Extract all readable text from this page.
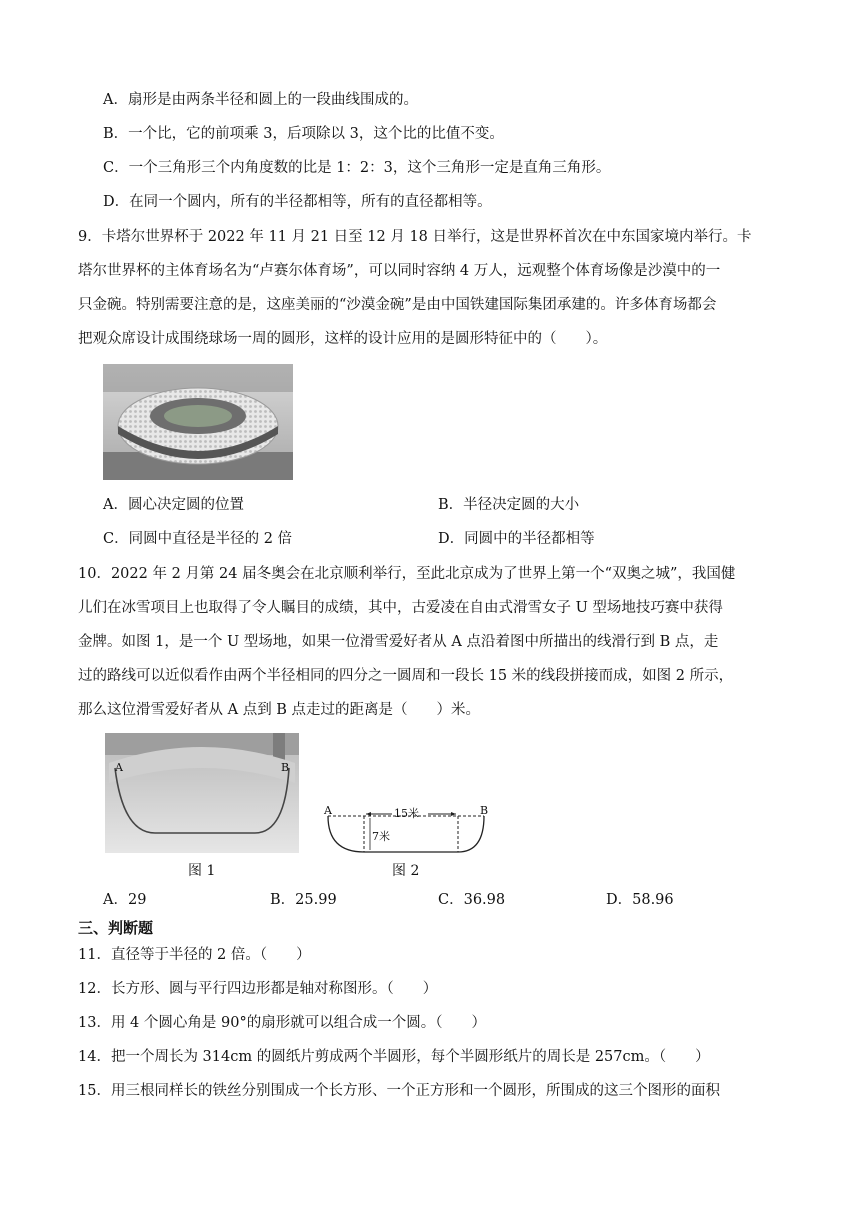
A．扇形是由两条半径和圆上的一段曲线围成的。
B．一个比，它的前项乘 3，后项除以 3，这个比的比值不变。
C．一个三角形三个内角度数的比是 1：2：3，这个三角形一定是直角三角形。
D．在同一个圆内，所有的半径都相等，所有的直径都相等。
9．卡塔尔世界杯于 2022 年 11 月 21 日至 12 月 18 日举行，这是世界杯首次在中东国家境内举行。卡
塔尔世界杯的主体育场名为“卢赛尔体育场”，可以同时容纳 4 万人，远观整个体育场像是沙漠中的一
只金碗。特别需要注意的是，这座美丽的“沙漠金碗”是由中国铁建国际集团承建的。许多体育场都会
把观众席设计成围绕球场一周的圆形，这样的设计应用的是圆形特征中的（　　）。
A．圆心决定圆的位置	B．半径决定圆的大小
C．同圆中直径是半径的 2 倍	D．同圆中的半径都相等
10．2022 年 2 月第 24 届冬奥会在北京顺利举行，至此北京成为了世界上第一个“双奥之城”，我国健
儿们在冰雪项目上也取得了令人瞩目的成绩，其中，古爱凌在自由式滑雪女子 U 型场地技巧赛中获得
金牌。如图 1，是一个 U 型场地，如果一位滑雪爱好者从 A 点沿着图中所描出的线滑行到 B 点，走
过的路线可以近似看作由两个半径相同的四分之一圆周和一段长 15 米的线段拼接而成，如图 2 所示，
那么这位滑雪爱好者从 A 点到 B 点走过的距离是（　　）米。
A	B
A	B
15米
7米
图 1	图 2
A．29	B．25.99	C．36.98	D．58.96
三、判断题
11．直径等于半径的 2 倍。（　　）
12．长方形、圆与平行四边形都是轴对称图形。（　　）
13．用 4 个圆心角是 90°的扇形就可以组合成一个圆。（　　）
14．把一个周长为 314cm 的圆纸片剪成两个半圆形，每个半圆形纸片的周长是 257cm。（　　）
15．用三根同样长的铁丝分别围成一个长方形、一个正方形和一个圆形，所围成的这三个图形的面积
